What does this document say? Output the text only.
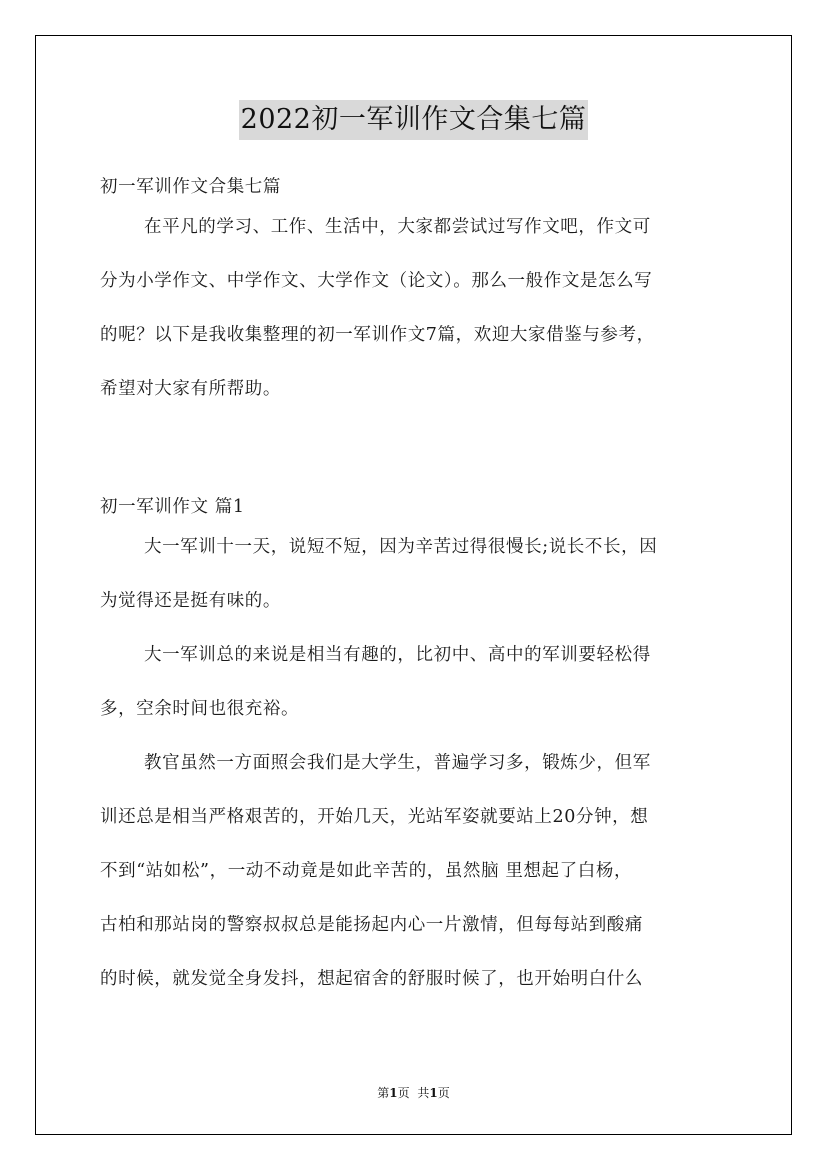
2022初一军训作文合集七篇
初一军训作文合集七篇
在平凡的学习、工作、生活中，大家都尝试过写作文吧，作文可
分为小学作文、中学作文、大学作文（论文）。那么一般作文是怎么写
的呢？以下是我收集整理的初一军训作文7篇，欢迎大家借鉴与参考，
希望对大家有所帮助。
初一军训作文 篇1
大一军训十一天，说短不短，因为辛苦过得很慢长;说长不长，因
为觉得还是挺有味的。
大一军训总的来说是相当有趣的，比初中、高中的军训要轻松得
多，空余时间也很充裕。
教官虽然一方面照会我们是大学生，普遍学习多，锻炼少，但军
训还总是相当严格艰苦的，开始几天，光站军姿就要站上20分钟，想
不到“站如松”，一动不动竟是如此辛苦的，虽然脑 里想起了白杨，
古柏和那站岗的警察叔叔总是能扬起内心一片激情，但每每站到酸痛
的时候，就发觉全身发抖，想起宿舍的舒服时候了，也开始明白什么
第1页 共1页
